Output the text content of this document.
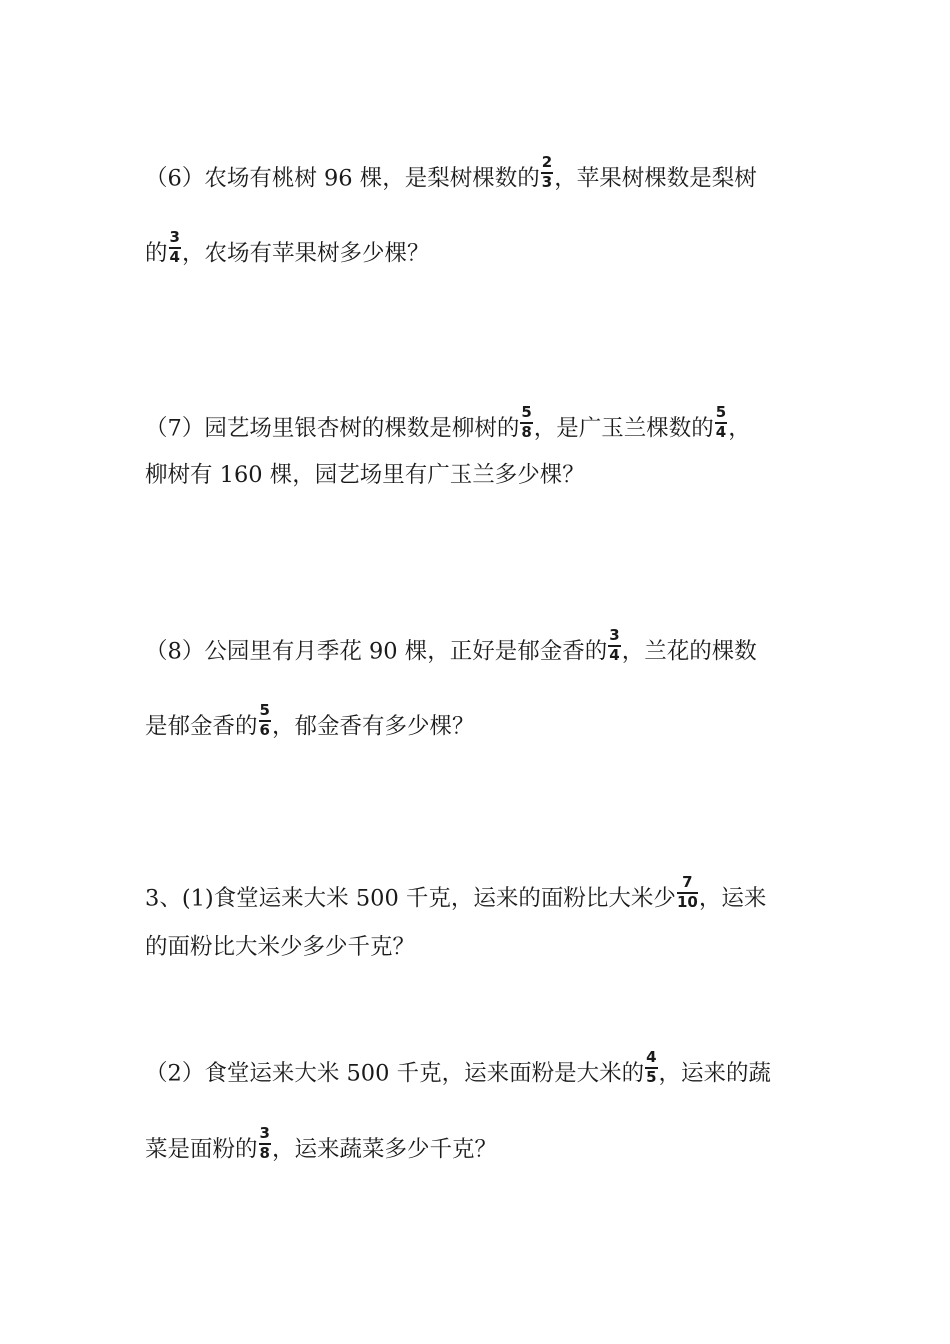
（6）农场有桃树 96 棵，是梨树棵数的 $\frac{2}{3}$ ，苹果树棵数是梨树
的 $\frac{3}{4}$ ，农场有苹果树多少棵？
（7）园艺场里银杏树的棵数是柳树的 $\frac{5}{8}$ ，是广玉兰棵数的 $\frac{5}{4}$ ，
柳树有 160 棵，园艺场里有广玉兰多少棵？
（8）公园里有月季花 90 棵，正好是郁金香的 $\frac{3}{4}$ ，兰花的棵数
是郁金香的 $\frac{5}{6}$ ，郁金香有多少棵？
3、(1)食堂运来大米 500 千克，运来的面粉比大米少 $\frac{7}{10}$ ，运来
的面粉比大米少多少千克？
（2）食堂运来大米 500 千克，运来面粉是大米的 $\frac{4}{5}$ ，运来的蔬
菜是面粉的 $\frac{3}{8}$ ，运来蔬菜多少千克？
